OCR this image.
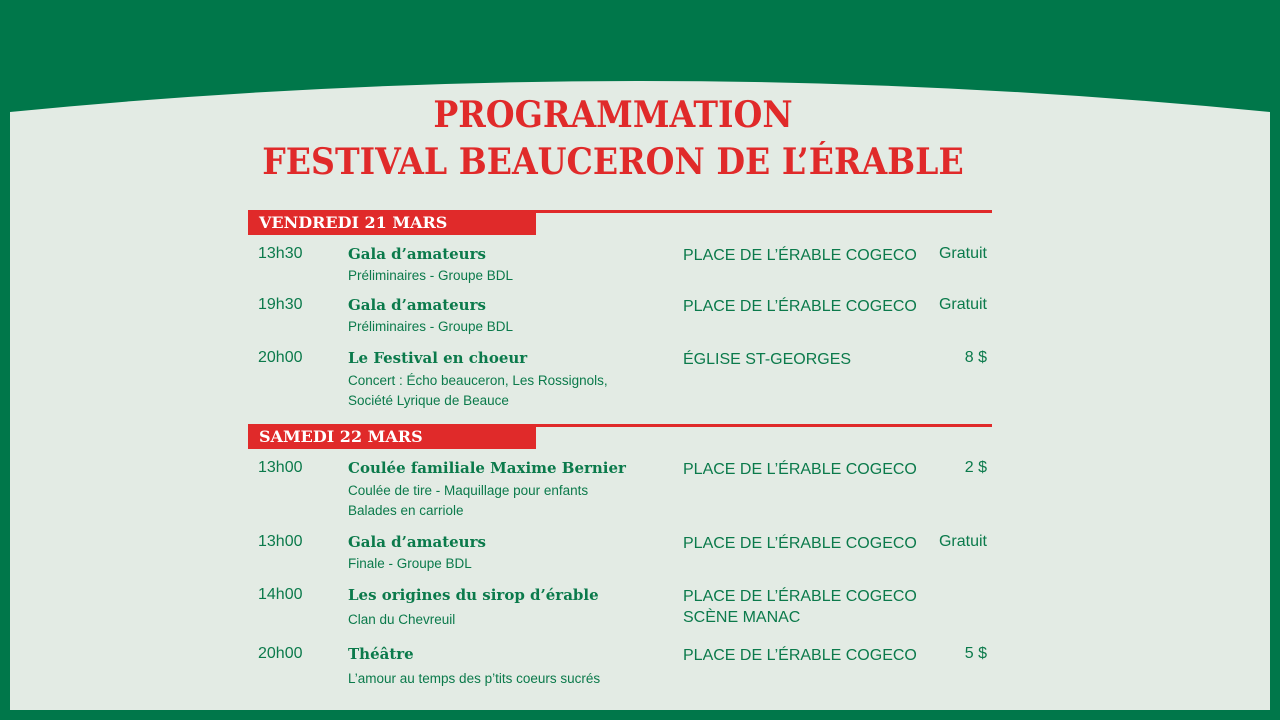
PROGRAMMATION
FESTIVAL BEAUCERON DE L’ÉRABLE
VENDREDI 21 MARS
13h30	Gala d’amateurs
Préliminaires - Groupe BDL
PLACE DE L’ÉRABLE COGECO Gratuit
19h30	Gala d’amateurs
Préliminaires - Groupe BDL
PLACE DE L’ÉRABLE COGECO Gratuit
20h00	Le Festival en choeur
Concert : Écho beauceron, Les Rossignols,
Société Lyrique de Beauce
ÉGLISE ST-GEORGES	8 $
SAMEDI 22 MARS
13h00	Coulée familiale Maxime Bernier
Coulée de tire - Maquillage pour enfants
Balades en carriole
PLACE DE L’ÉRABLE COGECO	2 $
13h00	Gala d’amateurs
Finale - Groupe BDL
PLACE DE L’ÉRABLE COGECO Gratuit
14h00	Les origines du sirop d’érable
Clan du Chevreuil
PLACE DE L’ÉRABLE COGECO
SCÈNE MANAC
20h00	Théâtre
L’amour au temps des p’tits coeurs sucrés
PLACE DE L’ÉRABLE COGECO	5 $
